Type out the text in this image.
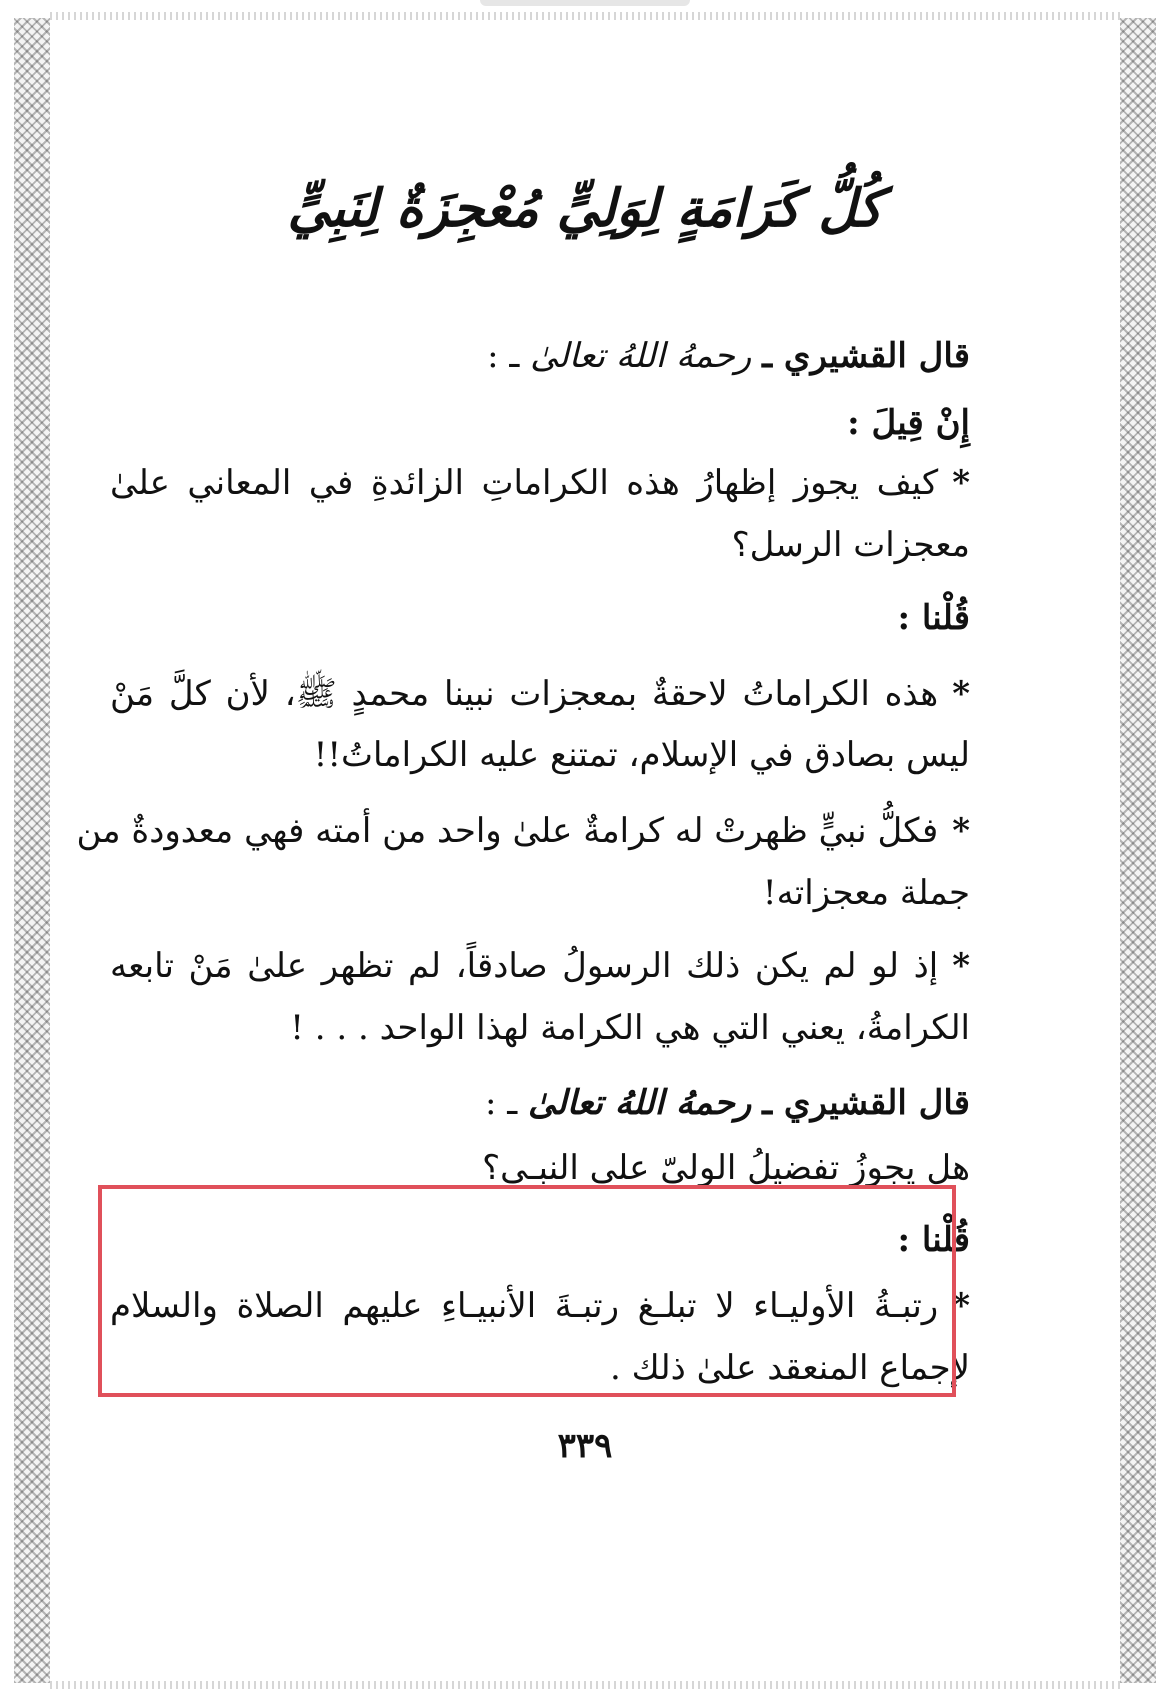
كُلُّ كَرَامَةٍ لِوَلِيٍّ مُعْجِزَةٌ لِنَبِيٍّ
قال القشيري ـ رحمهُ اللهُ تعالىٰ ـ :
إِنْ قِيلَ :
*كيف يجوز إظهارُ هذه الكراماتِ الزائدةِ في المعاني علىٰ
معجزات الرسل؟
قُلْنا :
*هذه الكراماتُ لاحقةٌ بمعجزات نبينا محمدٍ ﷺ، لأن كلَّ مَنْ
ليس بصادق في الإسلام، تمتنع عليه الكراماتُ!!
*فكلُّ نبيٍّ ظهرتْ له كرامةٌ علىٰ واحد من أمته فهي معدودةٌ من
جملة معجزاته!
*إذ لو لم يكن ذلك الرسولُ صادقاً، لم تظهر علىٰ مَنْ تابعه
الكرامةُ، يعني التي هي الكرامة لهذا الواحد . . . !
قال القشيري ـ رحمهُ اللهُ تعالىٰ ـ :
هل يجوزُ تفضيلُ الوليّ على النبـي؟
قُلْنا :
*رتبـةُ الأوليـاء لا تبلـغ رتبـةَ الأنبيـاءِ عليهم الصلاة والسلام
لإجماع المنعقد علىٰ ذلك .
٣٣٩
